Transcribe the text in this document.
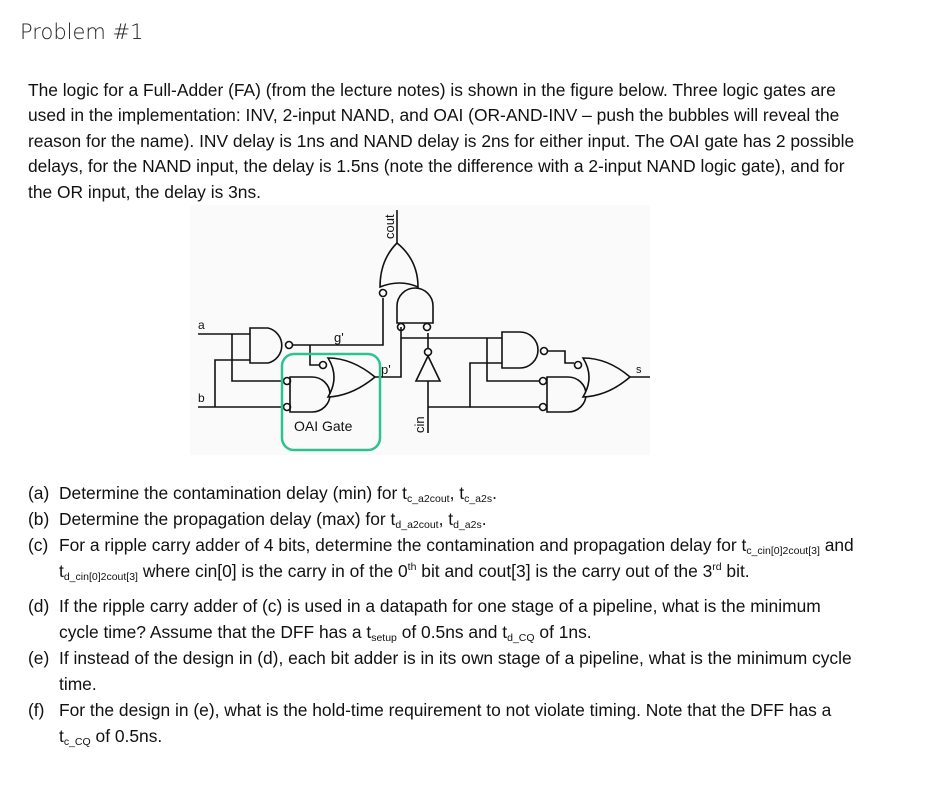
Problem #1
The logic for a Full-Adder (FA) (from the lecture notes) is shown in the figure below. Three logic gates are used in the implementation: INV, 2-input NAND, and OAI (OR-AND-INV – push the bubbles will reveal the reason for the name). INV delay is 1ns and NAND delay is 2ns for either input. The OAI gate has 2 possible delays, for the NAND input, the delay is 1.5ns (note the difference with a 2-input NAND logic gate), and for the OR input, the delay is 3ns.
a
b
g'
p'	s
cout
cin
OAI Gate
(a) Determine the contamination delay (min) for $t_{c\_a2cout}$, $t_{c\_a2s}$.
(b) Determine the propagation delay (max) for $t_{d\_a2cout}$, $t_{d\_a2s}$.
(c) For a ripple carry adder of 4 bits, determine the contamination and propagation delay for $t_{c\_cin[0]2cout[3]}$ and $t_{d\_cin[0]2cout[3]}$ where cin[0] is the carry in of the 0th bit and cout[3] is the carry out of the 3rd bit.
(d) If the ripple carry adder of (c) is used in a datapath for one stage of a pipeline, what is the minimum cycle time? Assume that the DFF has a $t_{setup}$ of 0.5ns and $t_{d\_CQ}$ of 1ns.
(e) If instead of the design in (d), each bit adder is in its own stage of a pipeline, what is the minimum cycle time.
(f) For the design in (e), what is the hold-time requirement to not violate timing. Note that the DFF has a $t_{c\_CQ}$ of 0.5ns.
